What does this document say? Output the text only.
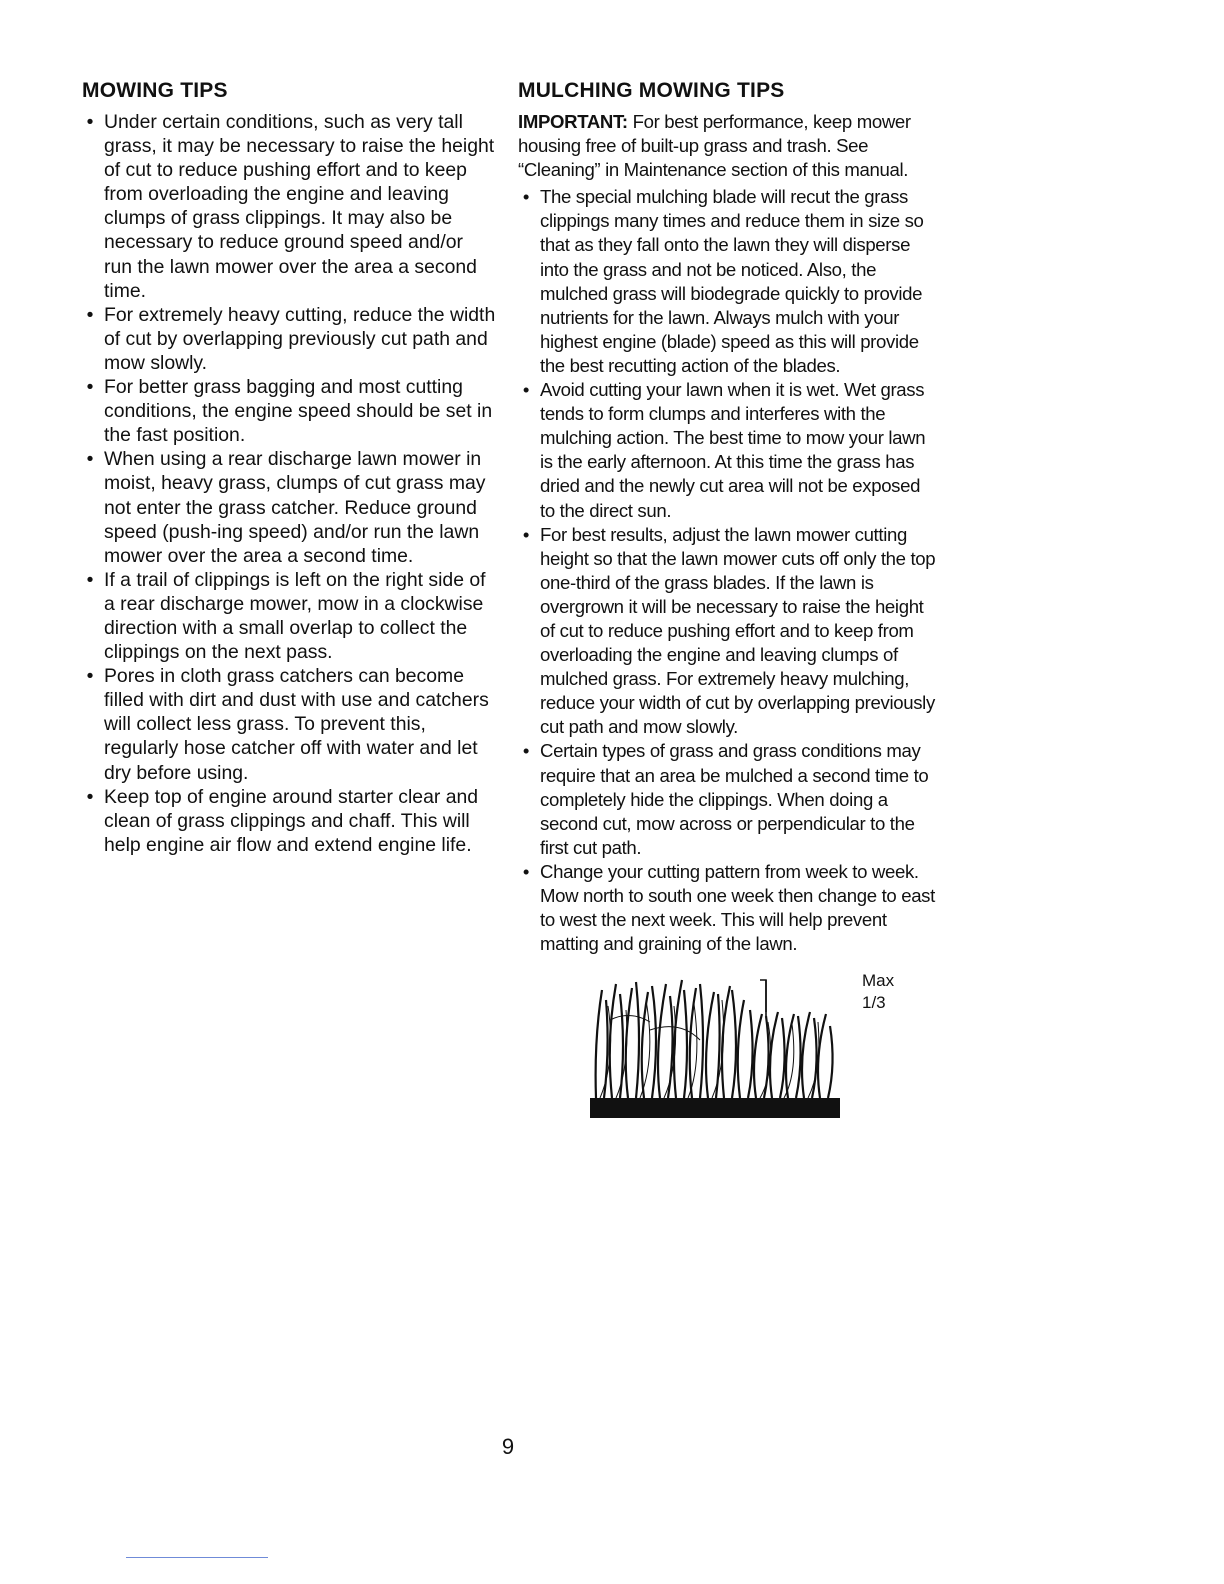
MOWING TIPS
• Under certain conditions, such as very tall grass, it may be necessary to raise the height of cut to reduce pushing effort and to keep from overloading the engine and leaving clumps of grass clippings. It may also be necessary to reduce ground speed and/or run the lawn mower over the area a second time.
• For extremely heavy cutting, reduce the width of cut by overlapping previously cut path and mow slowly.
• For better grass bagging and most cutting conditions, the engine speed should be set in the fast position.
• When using a rear discharge lawn mower in moist, heavy grass, clumps of cut grass may not enter the grass catcher. Reduce ground speed (push-ing speed) and/or run the lawn mower over the area a second time.
• If a trail of clippings is left on the right side of a rear discharge mower, mow in a clockwise direction with a small overlap to collect the clippings on the next pass.
• Pores in cloth grass catchers can become filled with dirt and dust with use and catchers will collect less grass. To prevent this, regularly hose catcher off with water and let dry before using.
• Keep top of engine around starter clear and clean of grass clippings and chaff. This will help engine air flow and extend engine life.
MULCHING MOWING TIPS

IMPORTANT: For best performance, keep mower housing free of built-up grass and trash. See “Cleaning” in Maintenance section of this manual.

• The special mulching blade will recut the grass clippings many times and reduce them in size so that as they fall onto the lawn they will disperse into the grass and not be noticed. Also, the mulched grass will biodegrade quickly to provide nutrients for the lawn. Always mulch with your highest engine (blade) speed as this will provide the best recutting action of the blades.
• Avoid cutting your lawn when it is wet. Wet grass tends to form clumps and interferes with the mulching action. The best time to mow your lawn is the early afternoon. At this time the grass has dried and the newly cut area will not be exposed to the direct sun.
• For best results, adjust the lawn mower cutting height so that the lawn mower cuts off only the top one-third of the grass blades. If the lawn is overgrown it will be necessary to raise the height of cut to reduce pushing effort and to keep from overloading the engine and leaving clumps of mulched grass. For extremely heavy mulching, reduce your width of cut by overlapping previously cut path and mow slowly.
• Certain types of grass and grass conditions may require that an area be mulched a second time to completely hide the clippings. When doing a second cut, mow across or perpendicular to the first cut path.
• Change your cutting pattern from week to week. Mow north to south one week then change to east to west the next week. This will help prevent matting and graining of the lawn.
Max 1/3
9
